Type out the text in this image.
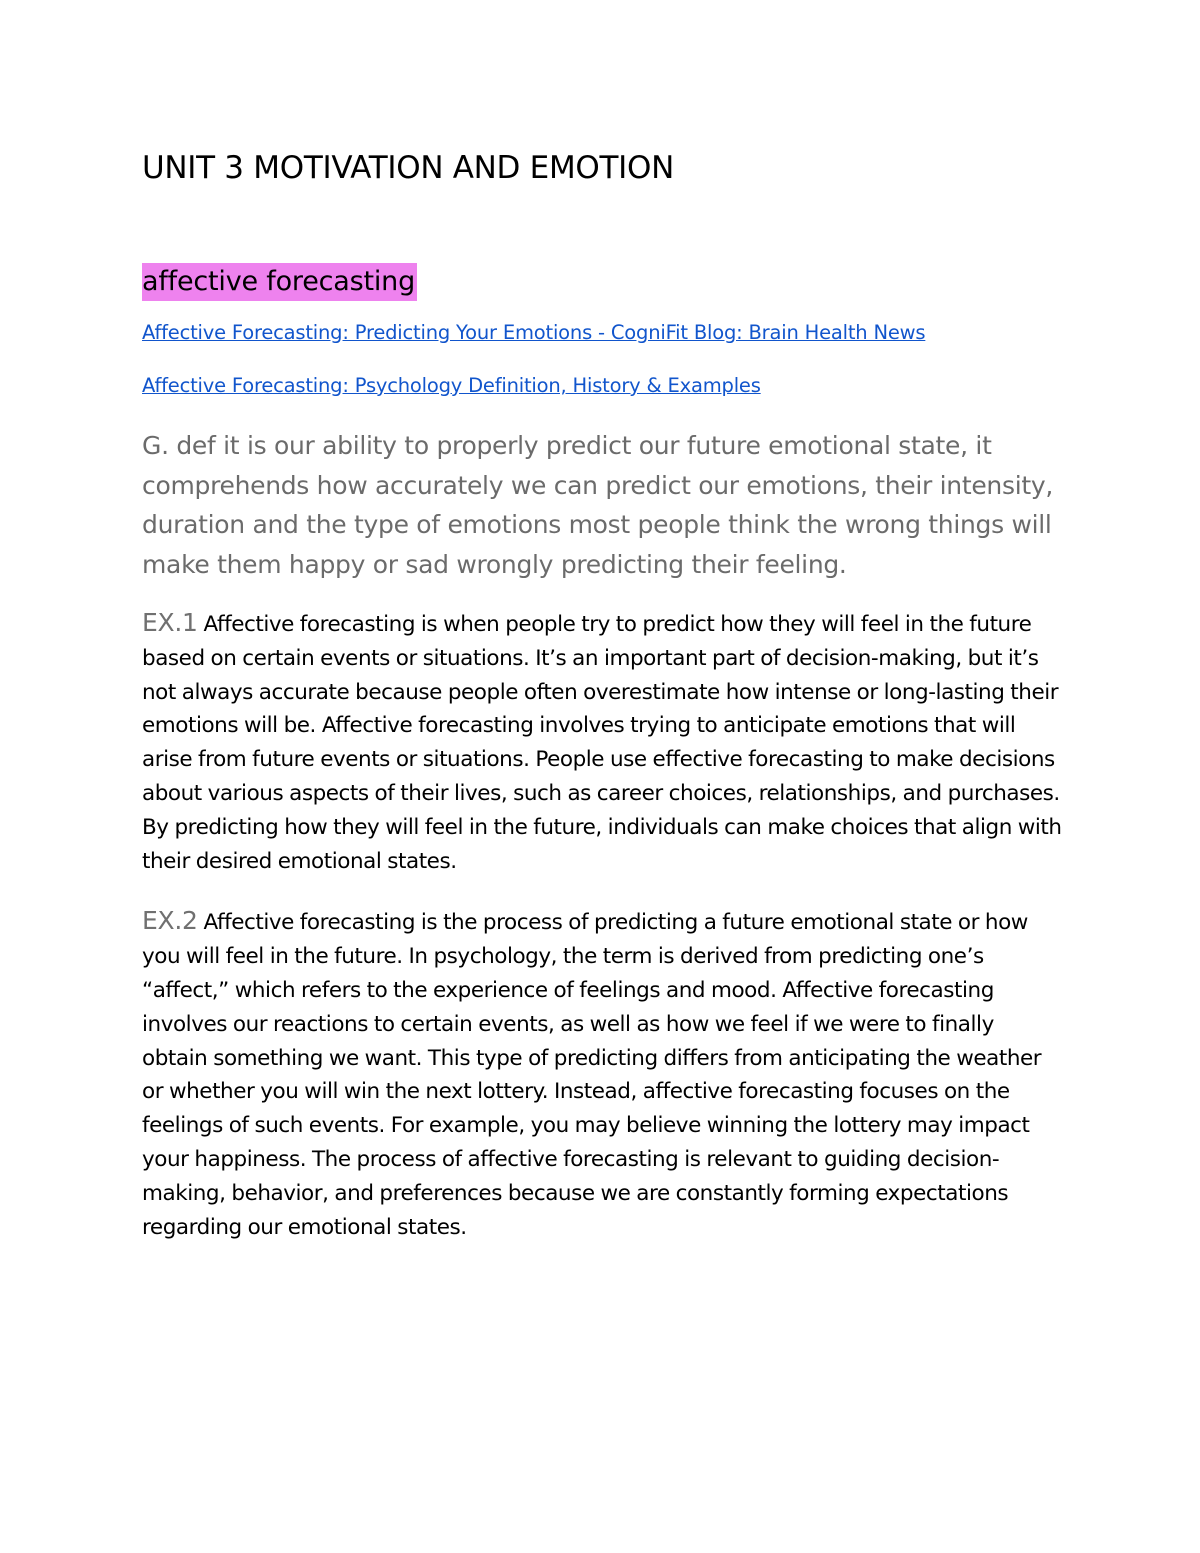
UNIT 3 MOTIVATION AND EMOTION
affective forecasting
Affective Forecasting: Predicting Your Emotions - CogniFit Blog: Brain Health News
Affective Forecasting: Psychology Definition, History & Examples

G. def it is our ability to properly predict our future emotional state, it comprehends how accurately we can predict our emotions, their intensity, duration and the type of emotions most people think the wrong things will make them happy or sad wrongly predicting their feeling.

EX.1 Affective forecasting is when people try to predict how they will feel in the future based on certain events or situations. It’s an important part of decision-making, but it’s not always accurate because people often overestimate how intense or long-lasting their emotions will be. Affective forecasting involves trying to anticipate emotions that will arise from future events or situations. People use effective forecasting to make decisions about various aspects of their lives, such as career choices, relationships, and purchases. By predicting how they will feel in the future, individuals can make choices that align with their desired emotional states.

EX.2 Affective forecasting is the process of predicting a future emotional state or how you will feel in the future. In psychology, the term is derived from predicting one’s “affect,” which refers to the experience of feelings and mood. Affective forecasting involves our reactions to certain events, as well as how we feel if we were to finally obtain something we want. This type of predicting differs from anticipating the weather or whether you will win the next lottery. Instead, affective forecasting focuses on the feelings of such events. For example, you may believe winning the lottery may impact your happiness. The process of affective forecasting is relevant to guiding decision-making, behavior, and preferences because we are constantly forming expectations regarding our emotional states.
